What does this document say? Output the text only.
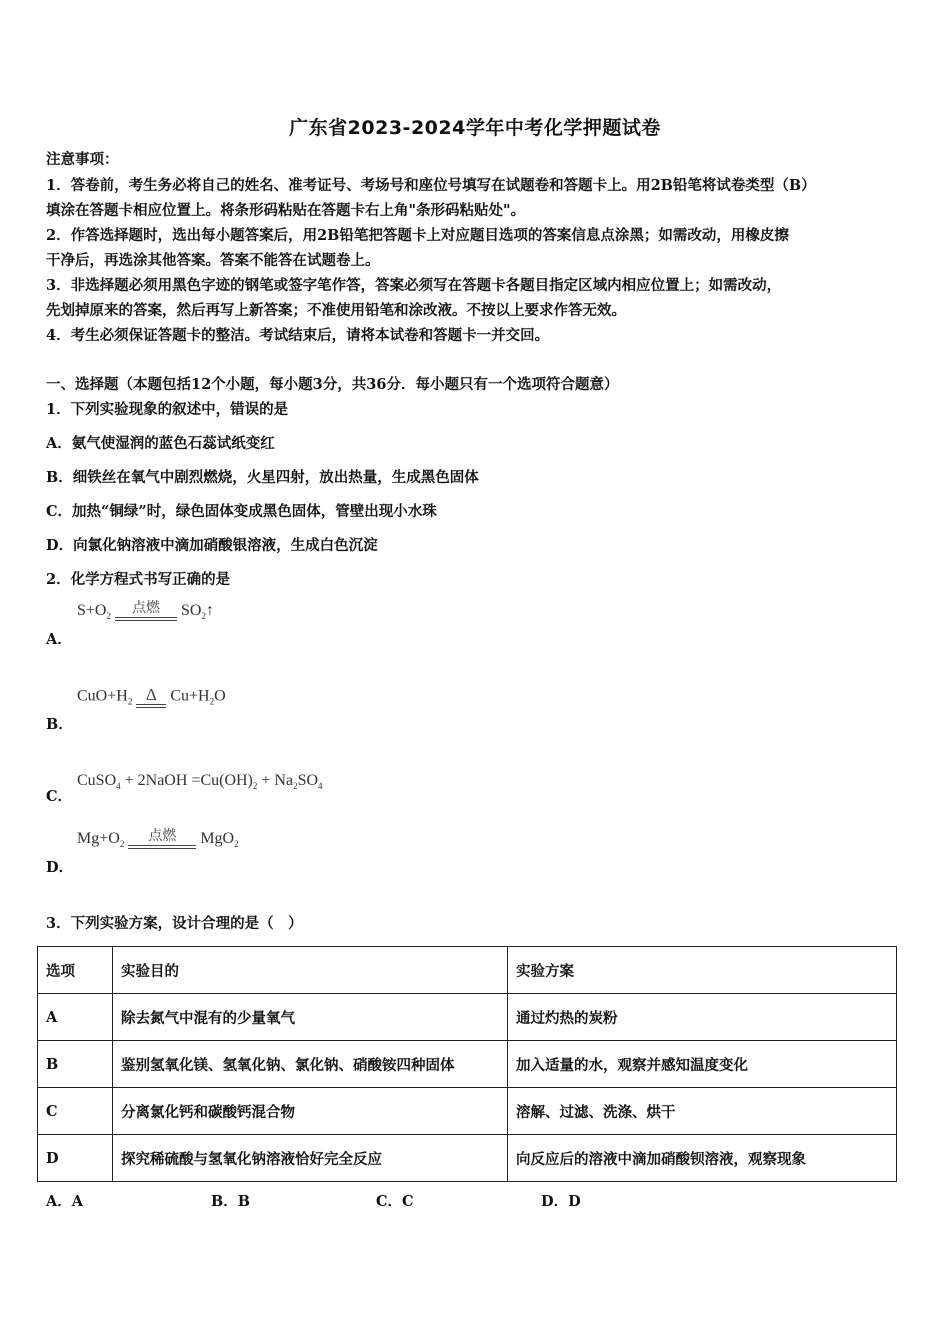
广东省2023-2024学年中考化学押题试卷
注意事项：
1．答卷前，考生务必将自己的姓名、准考证号、考场号和座位号填写在试题卷和答题卡上。用2B铅笔将试卷类型（B）
填涂在答题卡相应位置上。将条形码粘贴在答题卡右上角"条形码粘贴处"。
2．作答选择题时，选出每小题答案后，用2B铅笔把答题卡上对应题目选项的答案信息点涂黑；如需改动，用橡皮擦
干净后，再选涂其他答案。答案不能答在试题卷上。
3．非选择题必须用黑色字迹的钢笔或签字笔作答，答案必须写在答题卡各题目指定区域内相应位置上；如需改动，
先划掉原来的答案，然后再写上新答案；不准使用铅笔和涂改液。不按以上要求作答无效。
4．考生必须保证答题卡的整洁。考试结束后，请将本试卷和答题卡一并交回。
一、选择题（本题包括12个小题，每小题3分，共36分．每小题只有一个选项符合题意）
1．下列实验现象的叙述中，错误的是
A．氨气使湿润的蓝色石蕊试纸变红
B．细铁丝在氧气中剧烈燃烧，火星四射，放出热量，生成黑色固体
C．加热“铜绿”时，绿色固体变成黑色固体，管壁出现小水珠
D．向氯化钠溶液中滴加硝酸银溶液，生成白色沉淀
2．化学方程式书写正确的是
A．
$S+O_2$
点燃	$SO_2↑$
B．
$CuO+H_2$ Δ $Cu+H_2O$
C．
CuSO$_4$ + 2NaOH $=Cu(OH)_2 + Na_2SO_4$
D．
$Mg+O_2$
点燃	MgO$_2$
3．下列实验方案，设计合理的是（　）
选项	实验目的	实验方案
A	除去氮气中混有的少量氧气	通过灼热的炭粉
B	鉴别氢氧化镁、氢氧化钠、氯化钠、硝酸铵四种固体	加入适量的水，观察并感知温度变化
C	分离氯化钙和碳酸钙混合物	溶解、过滤、洗涤、烘干
D	探究稀硫酸与氢氧化钠溶液恰好完全反应	向反应后的溶液中滴加硝酸钡溶液，观察现象
A．A	B．B	C．C	D．D
